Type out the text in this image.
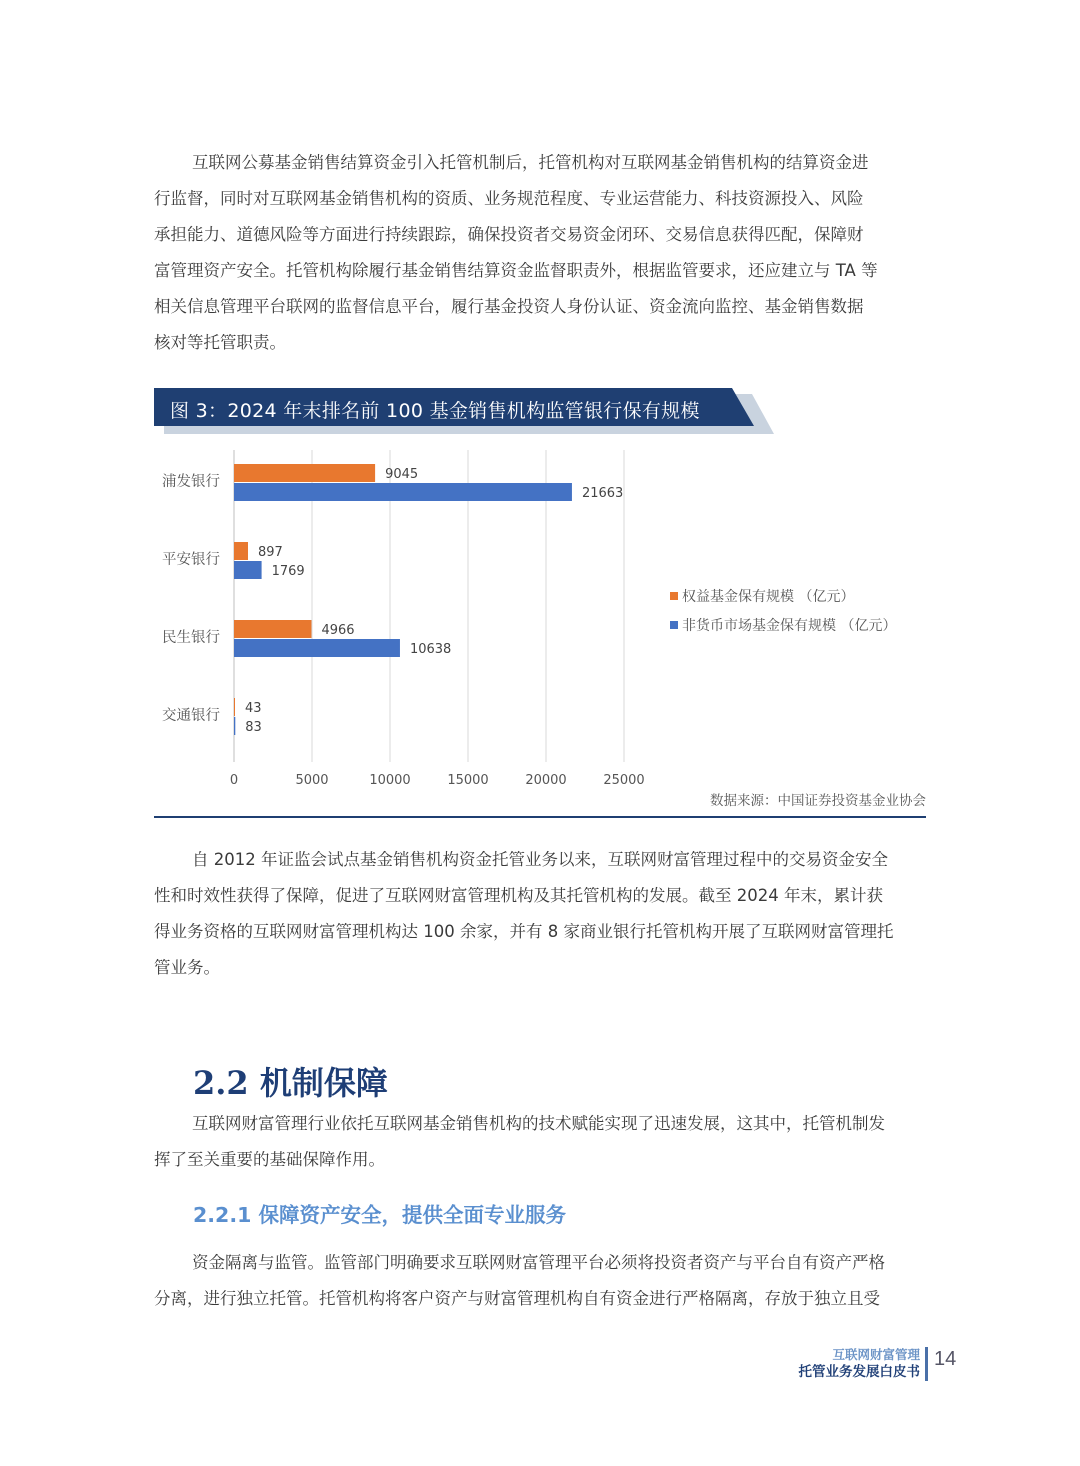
互联网公募基金销售结算资金引入托管机制后，托管机构对互联网基金销售机构的结算资金进
行监督，同时对互联网基金销售机构的资质、业务规范程度、专业运营能力、科技资源投入、风险
承担能力、道德风险等方面进行持续跟踪，确保投资者交易资金闭环、交易信息获得匹配，保障财
富管理资产安全。托管机构除履行基金销售结算资金监督职责外，根据监管要求，还应建立与 TA 等
相关信息管理平台联网的监督信息平台，履行基金投资人身份认证、资金流向监控、基金销售数据
核对等托管职责。
图 3：2024 年末排名前 100 基金销售机构监管银行保有规模
0	5000	10000	15000	20000	25000
浦发银行	9045
21663
平安银行	897
1769
民生银行	4966
10638
交通银行 43
83
权益基金保有规模 （亿元）
非货币市场基金保有规模 （亿元）
数据来源：中国证券投资基金业协会
自 2012 年证监会试点基金销售机构资金托管业务以来，互联网财富管理过程中的交易资金安全
性和时效性获得了保障，促进了互联网财富管理机构及其托管机构的发展。截至 2024 年末，累计获
得业务资格的互联网财富管理机构达 100 余家，并有 8 家商业银行托管机构开展了互联网财富管理托
管业务。
2.2 机制保障
互联网财富管理行业依托互联网基金销售机构的技术赋能实现了迅速发展，这其中，托管机制发
挥了至关重要的基础保障作用。
2.2.1 保障资产安全，提供全面专业服务
资金隔离与监管。监管部门明确要求互联网财富管理平台必须将投资者资产与平台自有资产严格
分离，进行独立托管。托管机构将客户资产与财富管理机构自有资金进行严格隔离，存放于独立且受
互联网财富管理
托管业务发展白皮书
14
